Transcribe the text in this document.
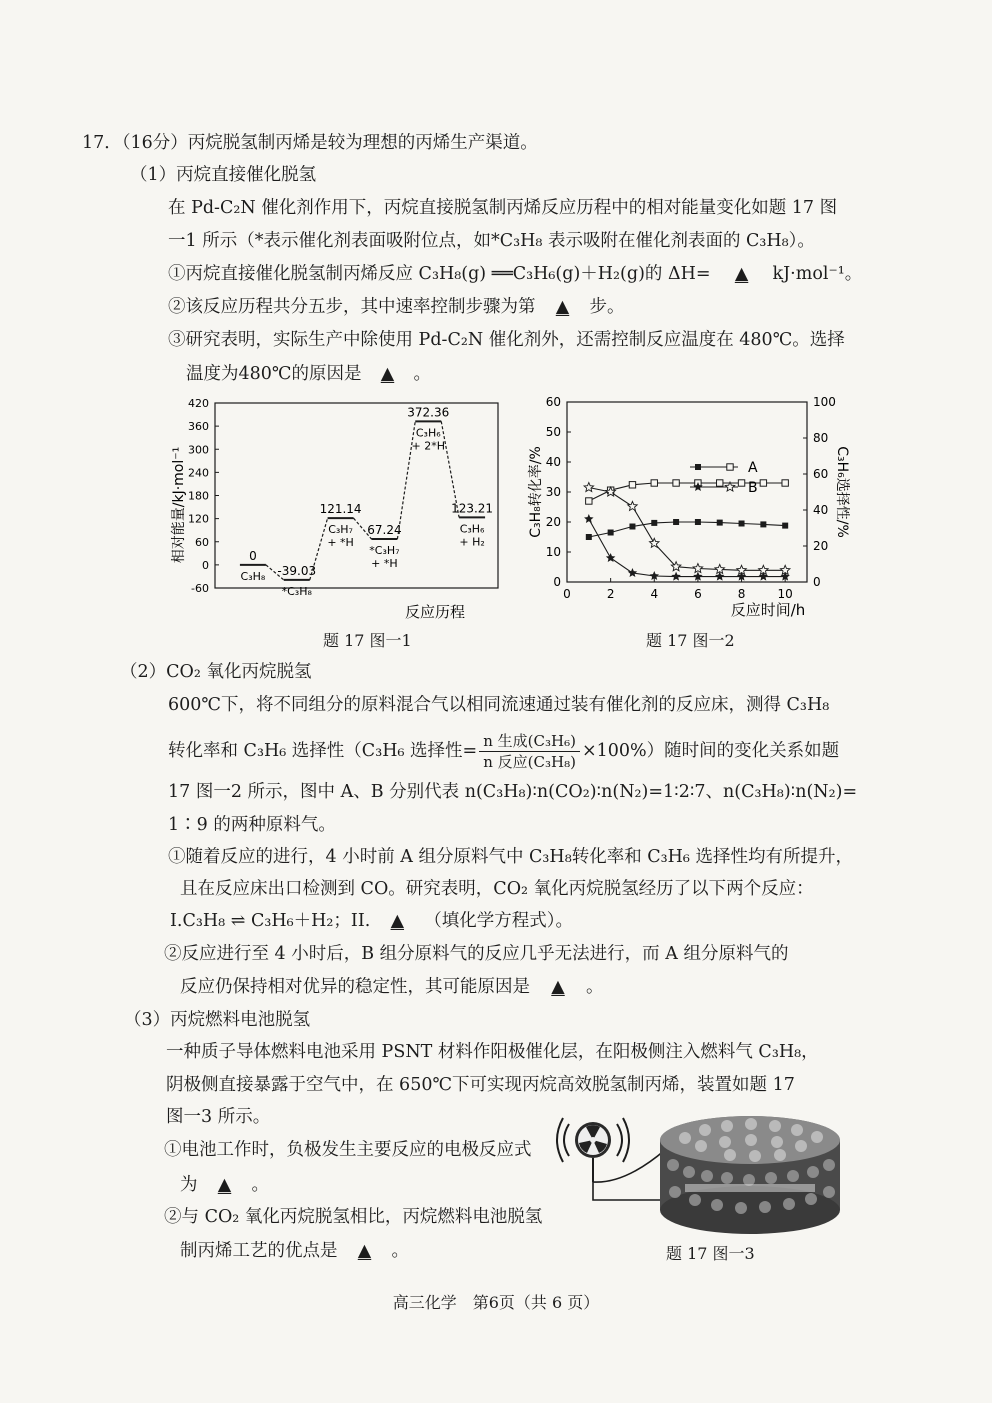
17．（16分）丙烷脱氢制丙烯是较为理想的丙烯生产渠道。
（1）丙烷直接催化脱氢
在 Pd-C₂N 催化剂作用下，丙烷直接脱氢制丙烯反应历程中的相对能量变化如题 17 图
一1 所示（*表示催化剂表面吸附位点，如*C₃H₈ 表示吸附在催化剂表面的 C₃H₈）。
①丙烷直接催化脱氢制丙烯反应 C₃H₈(g) ══C₃H₆(g)＋H₂(g)的 ΔH= ▲ kJ·mol⁻¹。
②该反应历程共分五步，其中速率控制步骤为第 ▲ 步。
③研究表明，实际生产中除使用 Pd-C₂N 催化剂外，还需控制反应温度在 480℃。选择
温度为480℃的原因是 ▲ 。
相对能量/kJ·mol⁻¹
420
360
300
240
180
120
60
0
-60
0
C₃H₈ -39.03
*C₃H₈
121.14
C₃H₇
+ *H
67.24
*C₃H₇
+ *H
372.36
C₃H₆
+ 2*H
123.21
C₃H₆
+ H₂
反应历程
题 17 图一1
0	2	4	6	8	10
0
10
20
30
40
50
60
0
20
40
60
80
100
A
B
C₃H₈转化率/%	C₃H₆选择性/%
反应时间/h
题 17 图一2
（2）CO₂ 氧化丙烷脱氢
600℃下，将不同组分的原料混合气以相同流速通过装有催化剂的反应床，测得 C₃H₈
转化率和 C₃H₆ 选择性（C₃H₆ 选择性= $\frac{\text{n 生成(C₃H₆)}}{\text{n 反应(C₃H₈)}} \times 100\%$）随时间的变化关系如题
17 图一2 所示，图中 A、B 分别代表 n(C₃H₈)∶n(CO₂)∶n(N₂)=1∶2∶7、n(C₃H₈)∶n(N₂)=
1∶9 的两种原料气。
①随着反应的进行，4 小时前 A 组分原料气中 C₃H₈转化率和 C₃H₆ 选择性均有所提升，
且在反应床出口检测到 CO。研究表明，CO₂ 氧化丙烷脱氢经历了以下两个反应：
I.C₃H₈ ⇌ C₃H₆＋H₂；II. ▲ （填化学方程式）。
②反应进行至 4 小时后，B 组分原料气的反应几乎无法进行，而 A 组分原料气的
反应仍保持相对优异的稳定性，其可能原因是 ▲ 。
（3）丙烷燃料电池脱氢
一种质子导体燃料电池采用 PSNT 材料作阳极催化层，在阳极侧注入燃料气 C₃H₈，
阴极侧直接暴露于空气中，在 650℃下可实现丙烷高效脱氢制丙烯，装置如题 17
图一3 所示。
①电池工作时，负极发生主要反应的电极反应式
为 ▲ 。
②与 CO₂ 氧化丙烷脱氢相比，丙烷燃料电池脱氢
制丙烯工艺的优点是 ▲ 。	题 17 图一3
高三化学　第6页（共 6 页）
